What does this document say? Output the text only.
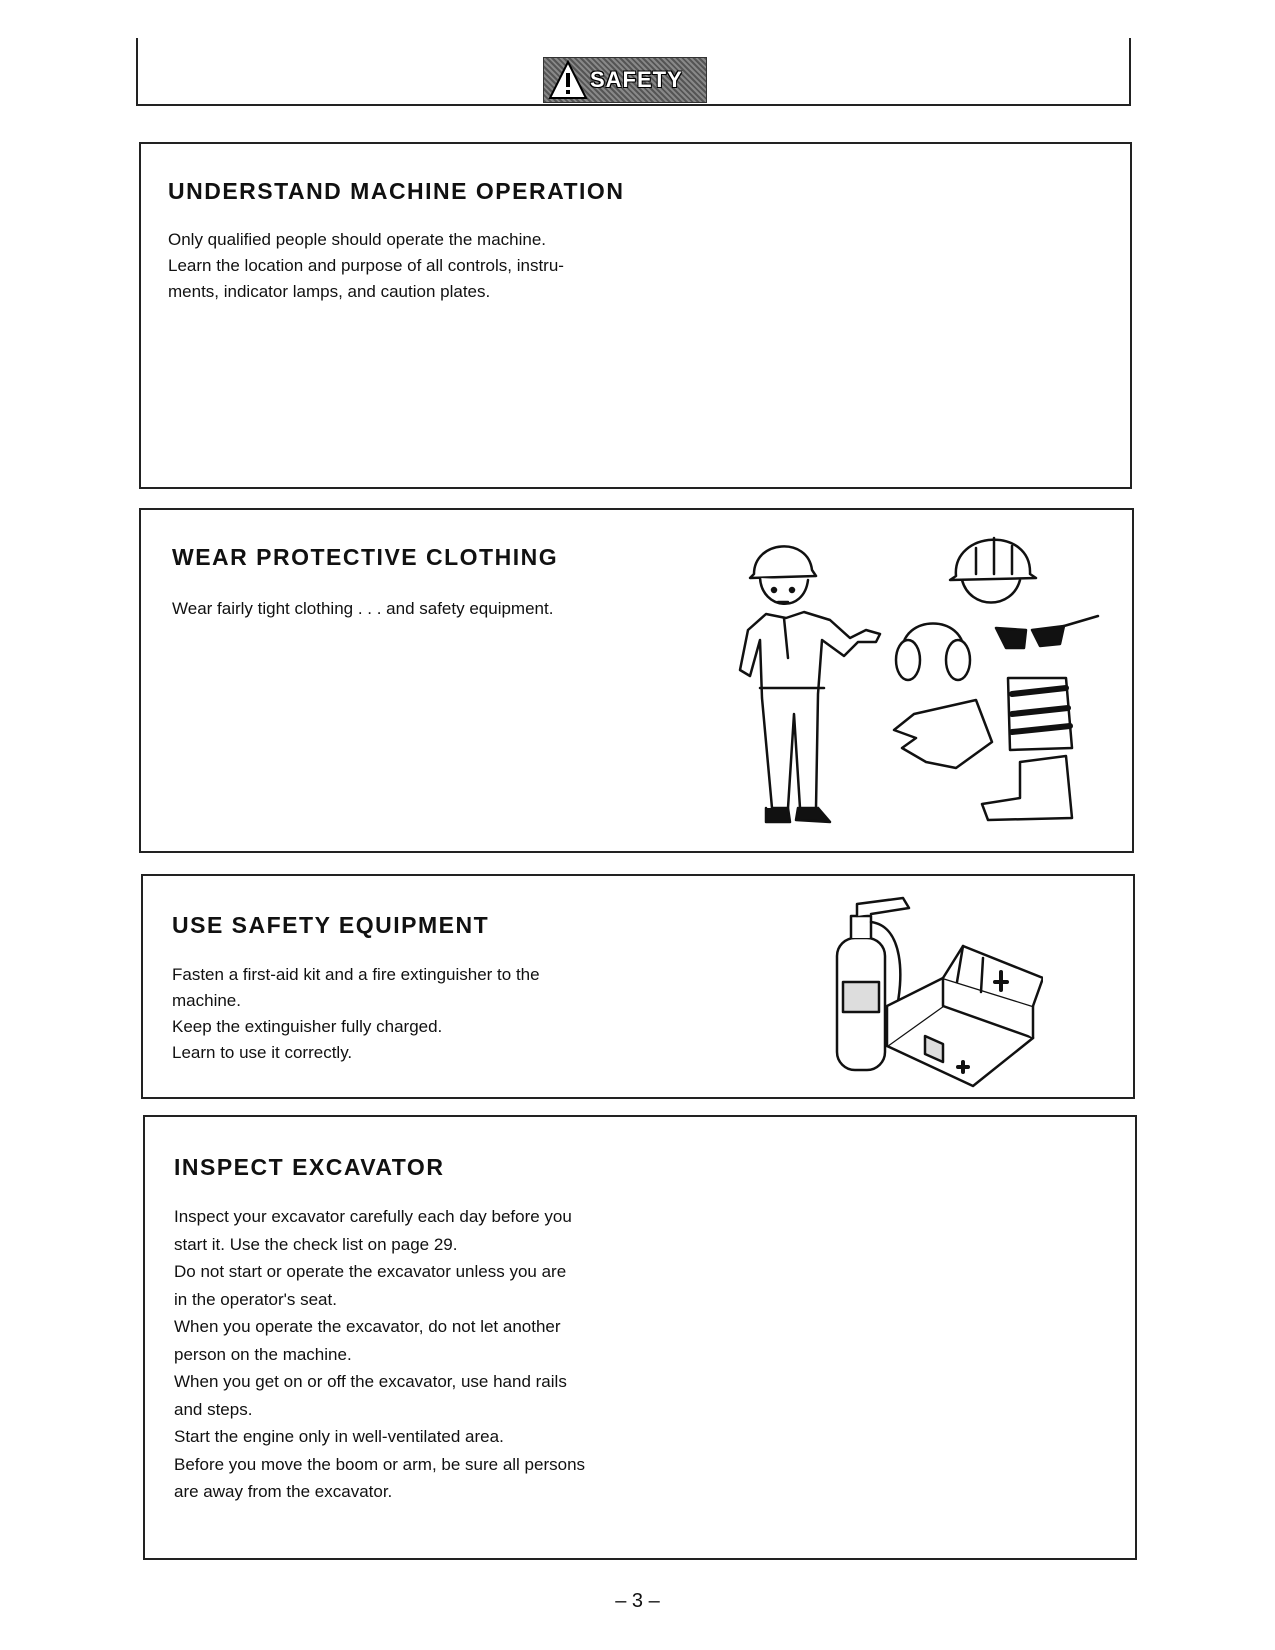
SAFETY
UNDERSTAND MACHINE OPERATION

Only qualified people should operate the machine.

Learn the location and purpose of all controls, instru-

ments, indicator lamps, and caution plates.

WEAR PROTECTIVE CLOTHING

Wear fairly tight clothing . . . and safety equipment.

USE SAFETY EQUIPMENT

Fasten a first-aid kit and a fire extinguisher to the

machine.

Keep the extinguisher fully charged.

Learn to use it correctly.

INSPECT EXCAVATOR

Inspect your excavator carefully each day before you

start it. Use the check list on page 29.

Do not start or operate the excavator unless you are

in the operator's seat.

When you operate the excavator, do not let another

person on the machine.

When you get on or off the excavator, use hand rails

and steps.

Start the engine only in well-ventilated area.

Before you move the boom or arm, be sure all persons

are away from the excavator.

– 3 –
